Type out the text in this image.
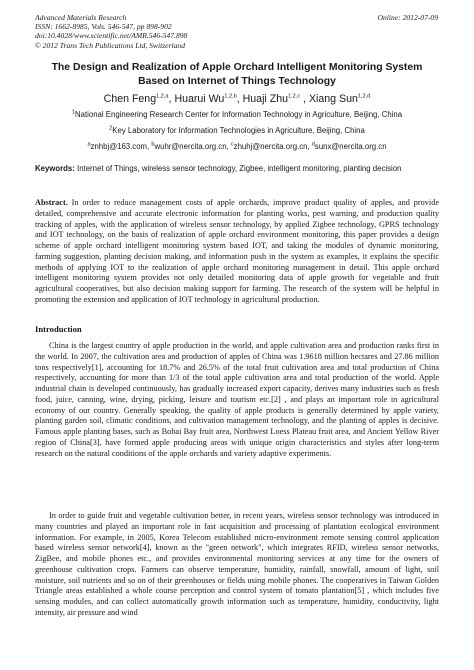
Advanced Materials Research
ISSN: 1662-8985, Vols. 546-547, pp 898-902
doi:10.4028/www.scientific.net/AMR.546-547.898
© 2012 Trans Tech Publications Ltd, Switzerland
Online: 2012-07-09
The Design and Realization of Apple Orchard Intelligent Monitoring System Based on Internet of Things Technology
Chen Feng$^{1,2,a}$, Huarui Wu$^{1,2,b}$, Huaji Zhu$^{1,2,c}$ , Xiang Sun$^{1,2,d}$
$^1$National Engineering Research Center for Information Technology in Agriculture, Beijing, China
$^2$Key Laboratory for Information Technologies in Agriculture, Beijing, China
$^a$znhbj@163.com, $^b$wuhr@nercita.org.cn, $^c$zhuhj@nercita.org.cn, $^d$sunx@nercita.org.cn
Keywords: Internet of Things, wireless sensor technology, Zigbee, intelligent monitoring, planting decision
Abstract. In order to reduce management costs of apple orchards, improve product quality of apples, and provide detailed, comprehensive and accurate electronic information for planting works, pest warning, and production quality tracking of apples, with the application of wireless sensor technology, by applied Zigbee technology, GPRS technology and IOT technology, on the basis of realization of apple orchard environment monitoring, this paper provides a design scheme of apple orchard intelligent monitoring system based IOT, and taking the modules of dynamic monitoring, farming suggestion, planting decision making, and information push in the system as examples, it explains the specific methods of applying IOT to the realization of apple orchard monitoring management in detail. This apple orchard intelligent monitoring system provides not only detailed monitoring data of apple growth for vegetable and fruit agricultural cooperatives, but also decision making support for farming. The research of the system will be helpful in promoting the extension and application of IOT technology in agricultural production.
Introduction
China is the largest country of apple production in the world, and apple cultivation area and production ranks first in the world. In 2007, the cultivation area and production of apples of China was 1.9618 million hectares and 27.86 million tons respectively[1], accounting for 18.7% and 26.5% of the total fruit cultivation area and total production of China respectively, accounting for more than 1/3 of the total apple cultivation area and total production of the world. Apple industrial chain is developed continuously, has gradually increased export capacity, derives many industries such as fresh food, juice, canning, wine, drying, picking, leisure and tourism etc.[2] , and plays an important role in agricultural economy of our country. Generally speaking, the quality of apple products is generally determined by apple variety, planting garden soil, climatic conditions, and cultivation management technology, and the planting of apples is decisive. Famous apple planting bases, such as Bohai Bay fruit area, Northwest Loess Plateau fruit area, and Ancient Yellow River region of China[3], have formed apple producing areas with unique origin characteristics and styles after long-term research on the natural conditions of the apple orchards and variety adaptive experiments.
In order to guide fruit and vegetable cultivation better, in recent years, wireless sensor technology was introduced in many countries and played an important role in fast acquisition and processing of plantation ecological environment information. For example, in 2005, Korea Telecom established micro-environment remote sensing control application based wireless sensor network[4], known as the "green network", which integrates RFID, wireless sensor networks, ZigBee, and mobile phones etc., and provides environmental monitoring services at any time for the owners of greenhouse cultivation crops. Farmers can observe temperature, humidity, rainfall, snowfall, amount of light, soil moisture, soil nutrients and so on of their greenhouses or fields using mobile phones. The cooperatives in Taiwan Golden Triangle areas established a whole course perception and control system of tomato plantation[5] , which includes five sensing modules, and can collect automatically growth information such as temperature, humidity, conductivity, light intensity, air pressure and wind
